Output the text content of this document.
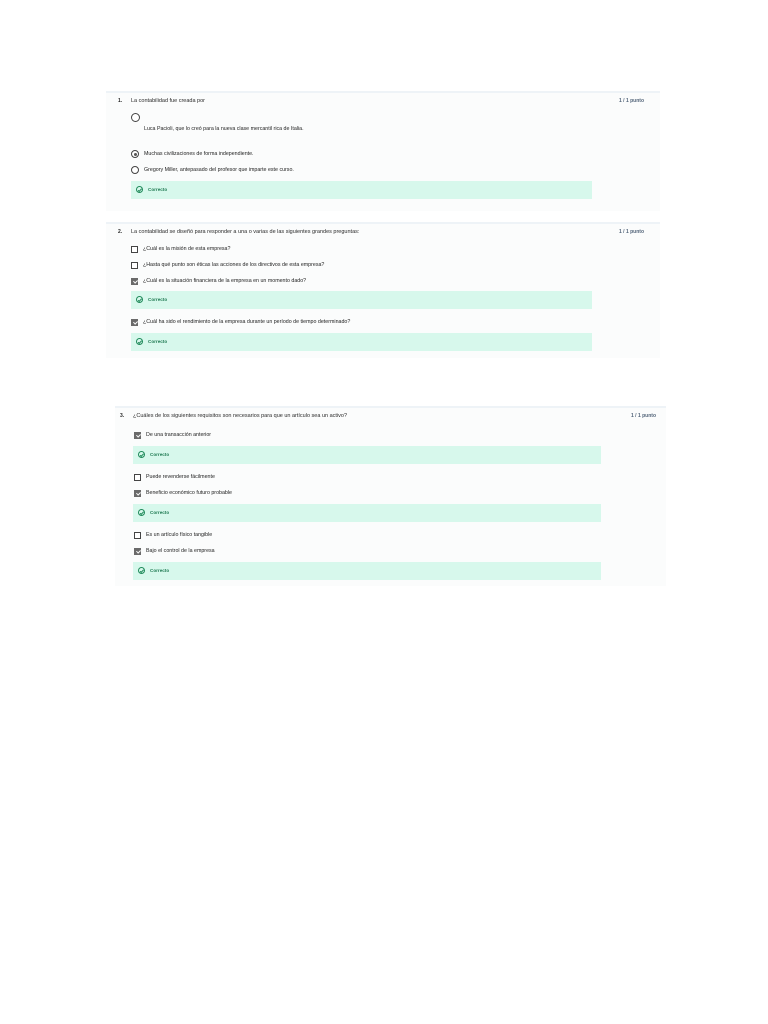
1. La contabilidad fue creada por	1 / 1 punto
Luca Pacioli, que lo creó para la nueva clase mercantil rica de Italia.
Muchas civilizaciones de forma independiente.
Gregory Miller, antepasado del profesor que imparte este curso.
Correcto
2. La contabilidad se diseñó para responder a una o varias de las siguientes grandes preguntas:	1 / 1 punto
¿Cuál es la misión de esta empresa?
¿Hasta qué punto son éticas las acciones de los directivos de esta empresa?
¿Cuál es la situación financiera de la empresa en un momento dado?
Correcto
¿Cuál ha sido el rendimiento de la empresa durante un período de tiempo determinado?
Correcto
3. ¿Cuáles de los siguientes requisitos son necesarios para que un artículo sea un activo?	1 / 1 punto
De una transacción anterior
Correcto
Puede revenderse fácilmente
Beneficio económico futuro probable
Correcto
Es un artículo físico tangible
Bajo el control de la empresa
Correcto
